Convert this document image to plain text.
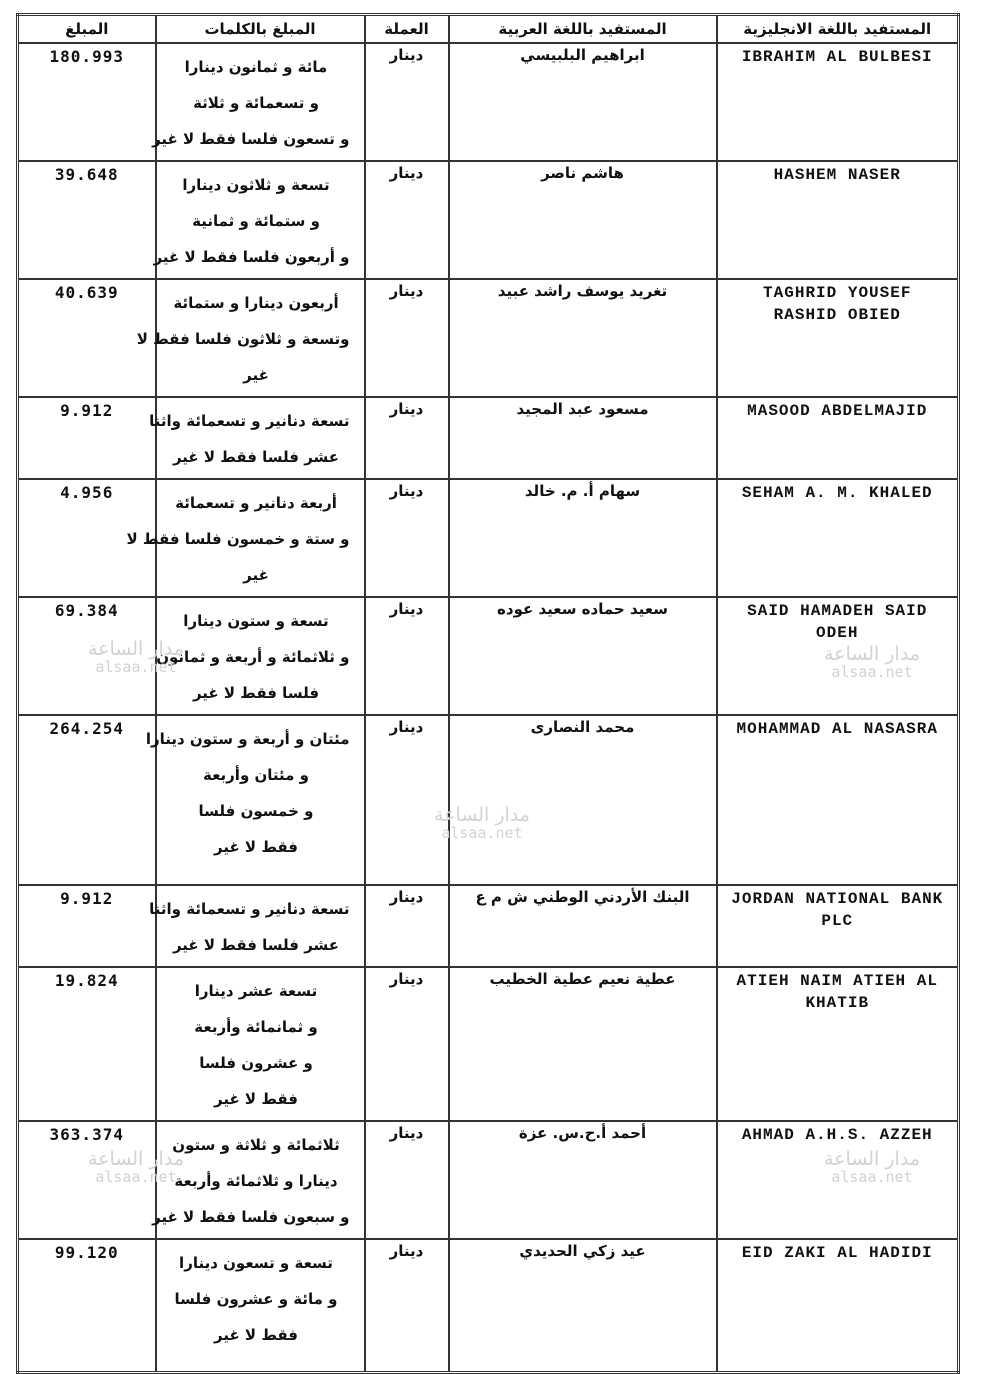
المبلغ	المبلغ بالكلمات	العملة	المستفيد باللغة العربية	المستفيد باللغة الانجليزية
180.993	مائة و ثمانون دينارا
و تسعمائة و ثلاثة
و تسعون فلسا فقط لا غير	دينار	ابراهيم البلبيسي	IBRAHIM AL BULBESI
39.648	تسعة و ثلاثون دينارا
و ستمائة و ثمانية
و أربعون فلسا فقط لا غير	دينار	هاشم ناصر	HASHEM NASER
40.639	أربعون دينارا و ستمائة
وتسعة و ثلاثون فلسا فقط لا
غير	دينار	تغريد يوسف راشد عبيد	TAGHRID YOUSEF RASHID OBIED
9.912	تسعة دنانير و تسعمائة واثنا
عشر فلسا فقط لا غير	دينار	مسعود عبد المجيد	MASOOD ABDELMAJID
4.956	أربعة دنانير و تسعمائة
و ستة و خمسون فلسا فقط لا
غير	دينار	سهام أ. م. خالد	SEHAM A. M. KHALED
69.384	تسعة و ستون دينارا
و ثلاثمائة و أربعة و ثمانون
فلسا فقط لا غير	دينار	سعيد حماده سعيد عوده	SAID HAMADEH SAID ODEH
264.254	مئتان و أربعة و ستون دينارا
و مئتان وأربعة
و خمسون فلسا
فقط لا غير	دينار	محمد النصارى	MOHAMMAD AL NASASRA
9.912	تسعة دنانير و تسعمائة واثنا
عشر فلسا فقط لا غير	دينار	البنك الأردني الوطني ش م ع	JORDAN NATIONAL BANK PLC
19.824	تسعة عشر دينارا
و ثمانمائة وأربعة
و عشرون فلسا
فقط لا غير	دينار	عطية نعيم عطية الخطيب	ATIEH NAIM ATIEH AL KHATIB
363.374	ثلاثمائة و ثلاثة و ستون
دينارا و ثلاثمائة وأربعة
و سبعون فلسا فقط لا غير	دينار	أحمد أ.ح.س. عزة	AHMAD A.H.S. AZZEH
99.120	تسعة و تسعون دينارا
و مائة و عشرون فلسا
فقط لا غير	دينار	عيد زكي الحديدي	EID ZAKI AL HADIDI
مدار الساعة
alsaa.net
مدار الساعة
alsaa.net
مدار الساعة
alsaa.net
مدار الساعة
alsaa.net
مدار الساعة
alsaa.net
